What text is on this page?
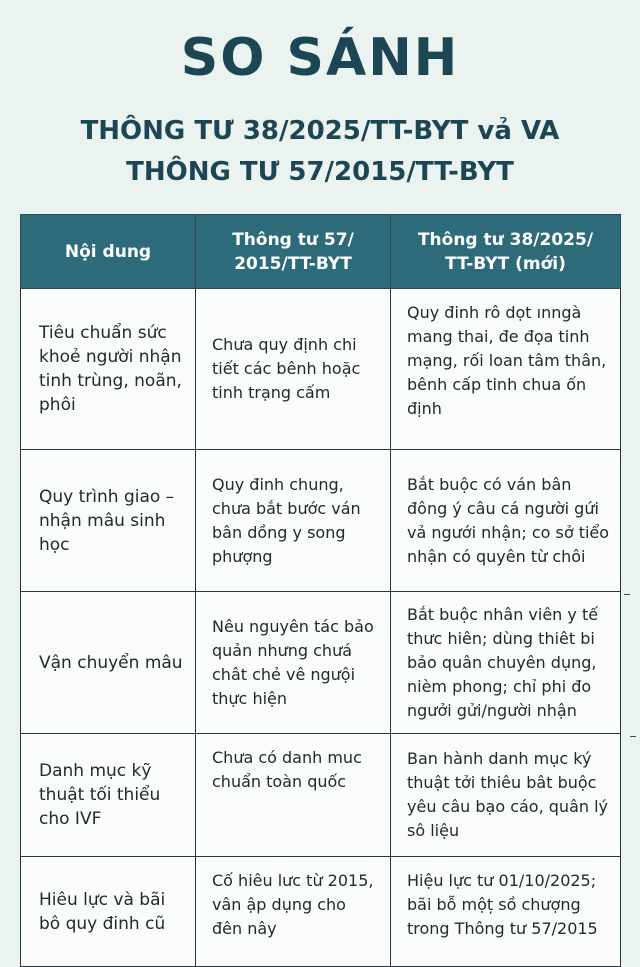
SO SÁNH
THÔNG TƯ 38/2025/TT-BYT vả VA
THÔNG TƯ 57/2015/TT-BYT
Nội dung	Thông tư 57/ 2015/TT-BYT	Thông tư 38/2025/ TT-BYT (mới)
Tiêu chuẩn sức khoẻ người nhận tinh trùng, noãn, phôi	Chưa quy định chi tiết các bênh hoặc tinh trạng cấm	Quy đinh rô dọt ınngà mang thai, đe đọa tinh mạng, rối loan tâm thân, bênh cấp tinh chua ốn định
Quy trình giao – nhận mâu sinh học	Quy đinh chung, chưa bắt bước ván bân dồng y song phượng	Bắt buộc có ván bân đông ý câu cá người gứi vả ngưới nhận; co sở tiểo nhận có quyên từ chôi
Vận chuyển mâu	Nêu nguyên tác bảo quản nhưng chưá chât chẻ vê ngưội thực hiện	Bắt buộc nhân viên y tế thưc hiên; dùng thiêt bi bảo quân chuyên dụng, nièm phong; chỉ phi đo ngưởi gửi/người nhận
Danh mục kỹ thuật tối thiểu cho IVF	Chưa có danh muc chuẩn toàn quốc	Ban hành danh mục ký thuật tởi thiêu bât buộc yêu câu bạo cáo, quân lý sô liệu
Hiêu lực và bãi bô quy đinh cũ	Cố hiêu lưc từ 2015, vân ập dụng cho đên nây	Hiệu lực tư 01/10/2025; bãi bỗ mộț sồ chượng trong Thông tư 57/2015
